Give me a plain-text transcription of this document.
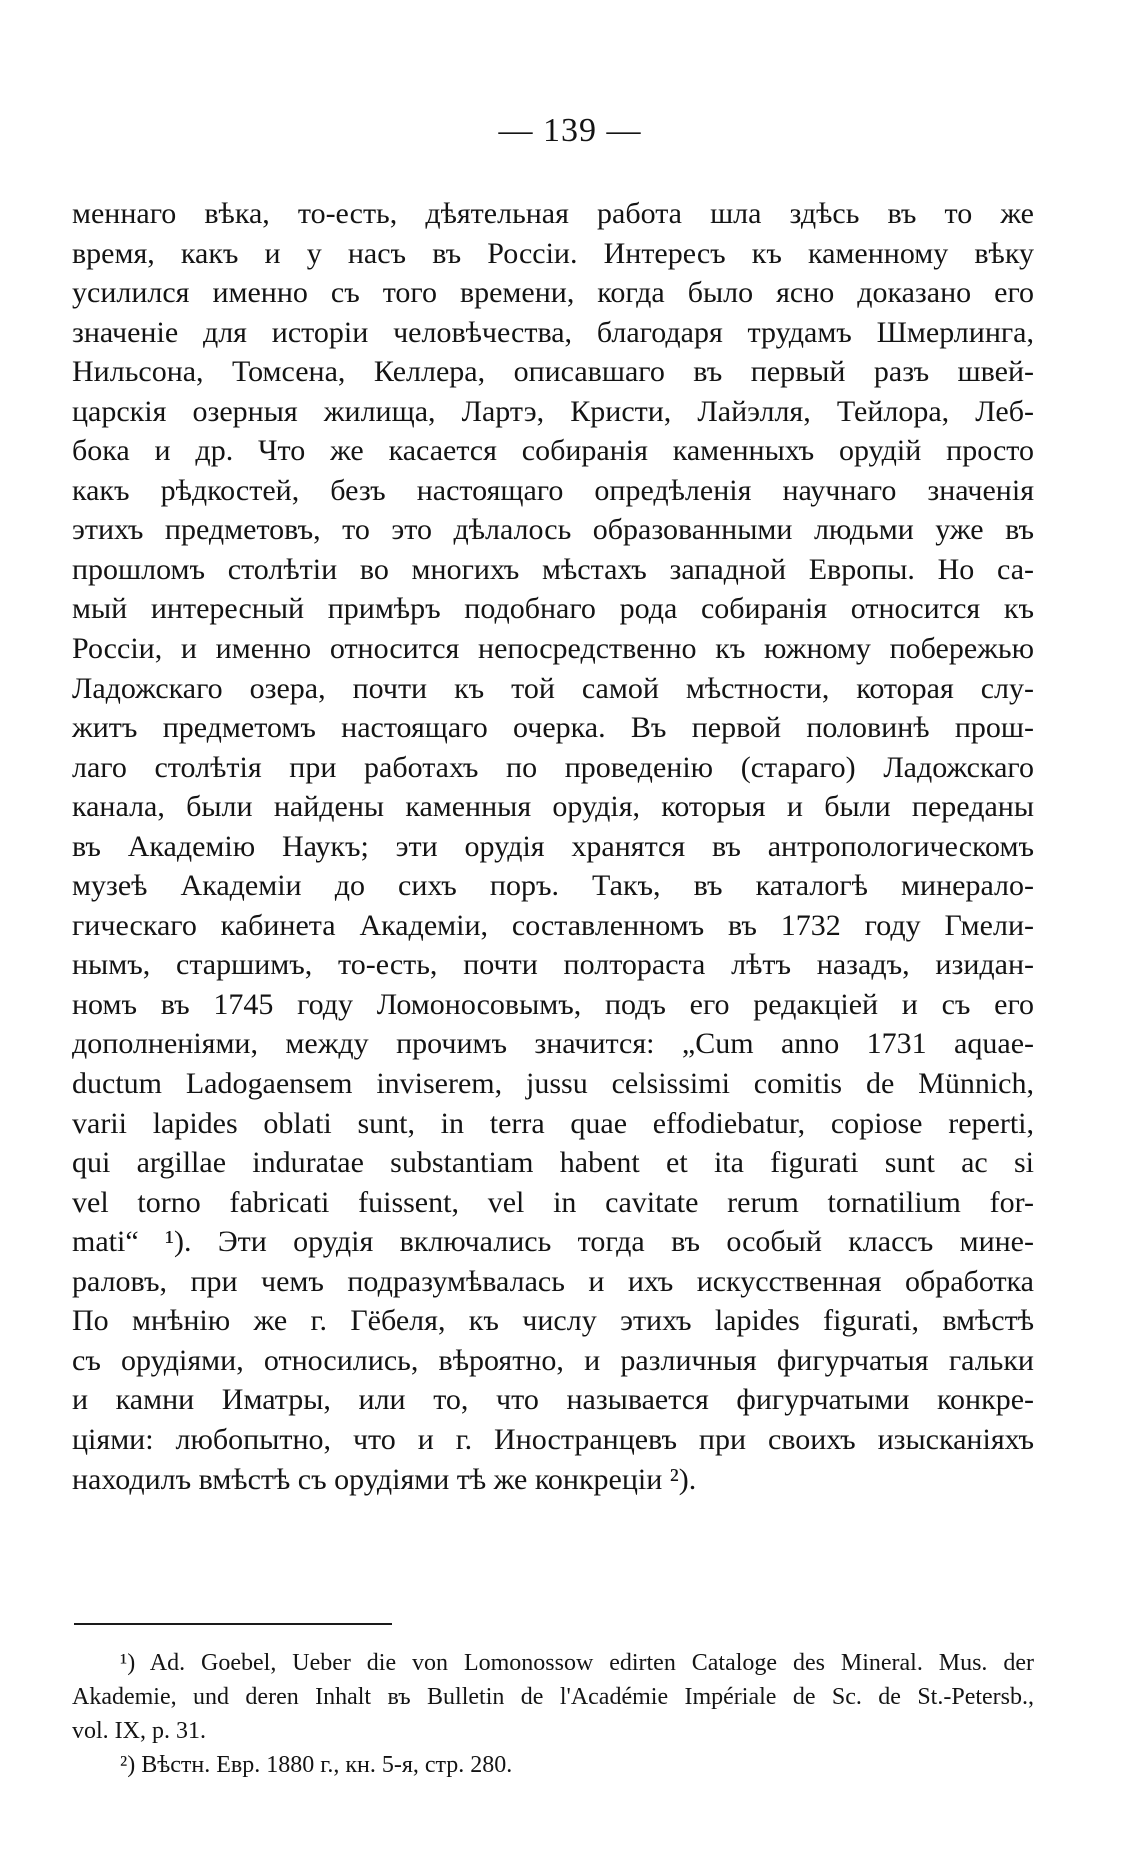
— 139 —
меннаго вѣка, то-есть, дѣятельная работа шла здѣсь въ то же
время, какъ и у насъ въ Россіи. Интересъ къ каменному вѣку
усилился именно съ того времени, когда было ясно доказано его
значеніе для исторіи человѣчества, благодаря трудамъ Шмерлинга,
Нильсона, Томсена, Келлера, описавшаго въ первый разъ швей-
царскія озерныя жилища, Лартэ, Кристи, Лайэлля, Тейлора, Леб-
бока и др. Что же касается собиранія каменныхъ орудій просто
какъ рѣдкостей, безъ настоящаго опредѣленія научнаго значенія
этихъ предметовъ, то это дѣлалось образованными людьми уже въ
прошломъ столѣтіи во многихъ мѣстахъ западной Европы. Но са-
мый интересный примѣръ подобнаго рода собиранія относится къ
Россіи, и именно относится непосредственно къ южному побережью
Ладожскаго озера, почти къ той самой мѣстности, которая слу-
житъ предметомъ настоящаго очерка. Въ первой половинѣ прош-
лаго столѣтія при работахъ по проведенію (стараго) Ладожскаго
канала, были найдены каменныя орудія, которыя и были переданы
въ Академію Наукъ; эти орудія хранятся въ антропологическомъ
музеѣ Академіи до сихъ поръ. Такъ, въ каталогѣ минерало-
гическаго кабинета Академіи, составленномъ въ 1732 году Гмели-
нымъ, старшимъ, то-есть, почти полтораста лѣтъ назадъ, изидан-
номъ въ 1745 году Ломоносовымъ, подъ его редакціей и съ его
дополненіями, между прочимъ значится: „Cum anno 1731 aquae-
ductum Ladogaensem inviserem, jussu celsissimi comitis de Münnich,
varii lapides oblati sunt, in terra quae effodiebatur, copiose reperti,
qui argillae induratae substantiam habent et ita figurati sunt ac si
vel torno fabricati fuissent, vel in cavitate rerum tornatilium for-
mati“ ¹). Эти орудія включались тогда въ особый классъ мине-
раловъ, при чемъ подразумѣвалась и ихъ искусственная обработка
По мнѣнію же г. Гёбеля, къ числу этихъ lapides figurati, вмѣстѣ
съ орудіями, относились, вѣроятно, и различныя фигурчатыя гальки
и камни Иматры, или то, что называется фигурчатыми конкре-
ціями: любопытно, что и г. Иностранцевъ при своихъ изысканіяхъ
находилъ вмѣстѣ съ орудіями тѣ же конкреціи ²).
¹) Ad. Goebel, Ueber die von Lomonossow edirten Cataloge des Mineral. Mus. der
Akademie, und deren Inhalt въ Bulletin de l'Académie Impériale de Sc. de St.-Petersb.,
vol. IX, p. 31.
²) Вѣстн. Евр. 1880 г., кн. 5-я, стр. 280.
